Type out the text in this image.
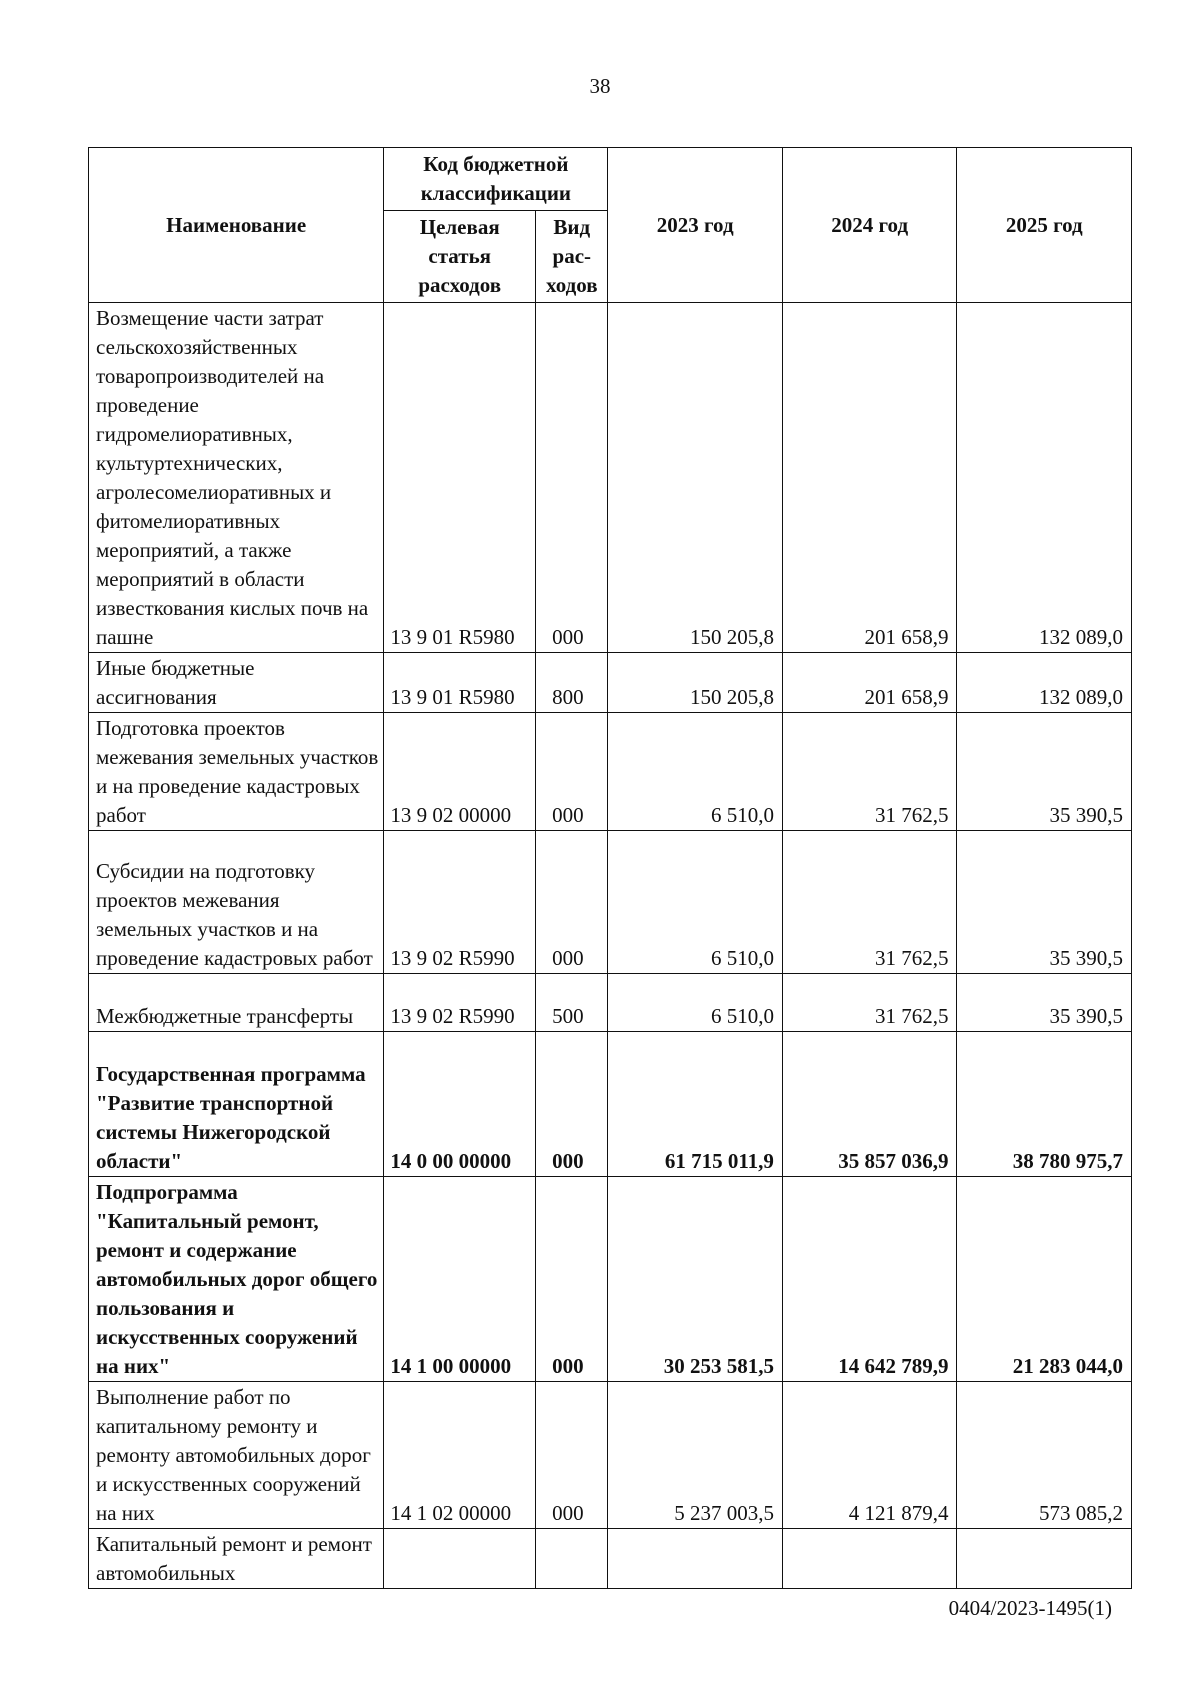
38
Наименование	Код бюджетной классификации		2023 год	2024 год	2025 год
	Целевая статья расходов	Вид рас-ходов			
Возмещение части затрат сельскохозяйственных товаропроизводителей на проведение гидромелиоративных, культуртехнических, агролесомелиоративных и фитомелиоративных мероприятий, а также мероприятий в области известкования кислых почв на пашне	13 9 01 R5980	000	150 205,8	201 658,9	132 089,0
Иные бюджетные ассигнования	13 9 01 R5980	800	150 205,8	201 658,9	132 089,0
Подготовка проектов межевания земельных участков и на проведение кадастровых работ	13 9 02 00000	000	6 510,0	31 762,5	35 390,5
Субсидии на подготовку проектов межевания земельных участков и на проведение кадастровых работ	13 9 02 R5990	000	6 510,0	31 762,5	35 390,5
Межбюджетные трансферты	13 9 02 R5990	500	6 510,0	31 762,5	35 390,5
Государственная программа "Развитие транспортной системы Нижегородской области"	14 0 00 00000	000	61 715 011,9	35 857 036,9	38 780 975,7
Подпрограмма "Капитальный ремонт, ремонт и содержание автомобильных дорог общего пользования и искусственных сооружений на них"	14 1 00 00000	000	30 253 581,5	14 642 789,9	21 283 044,0
Выполнение работ по капитальному ремонту и ремонту автомобильных дорог и искусственных сооружений на них	14 1 02 00000	000	5 237 003,5	4 121 879,4	573 085,2
Капитальный ремонт и ремонт автомобильных					
0404/2023-1495(1)
